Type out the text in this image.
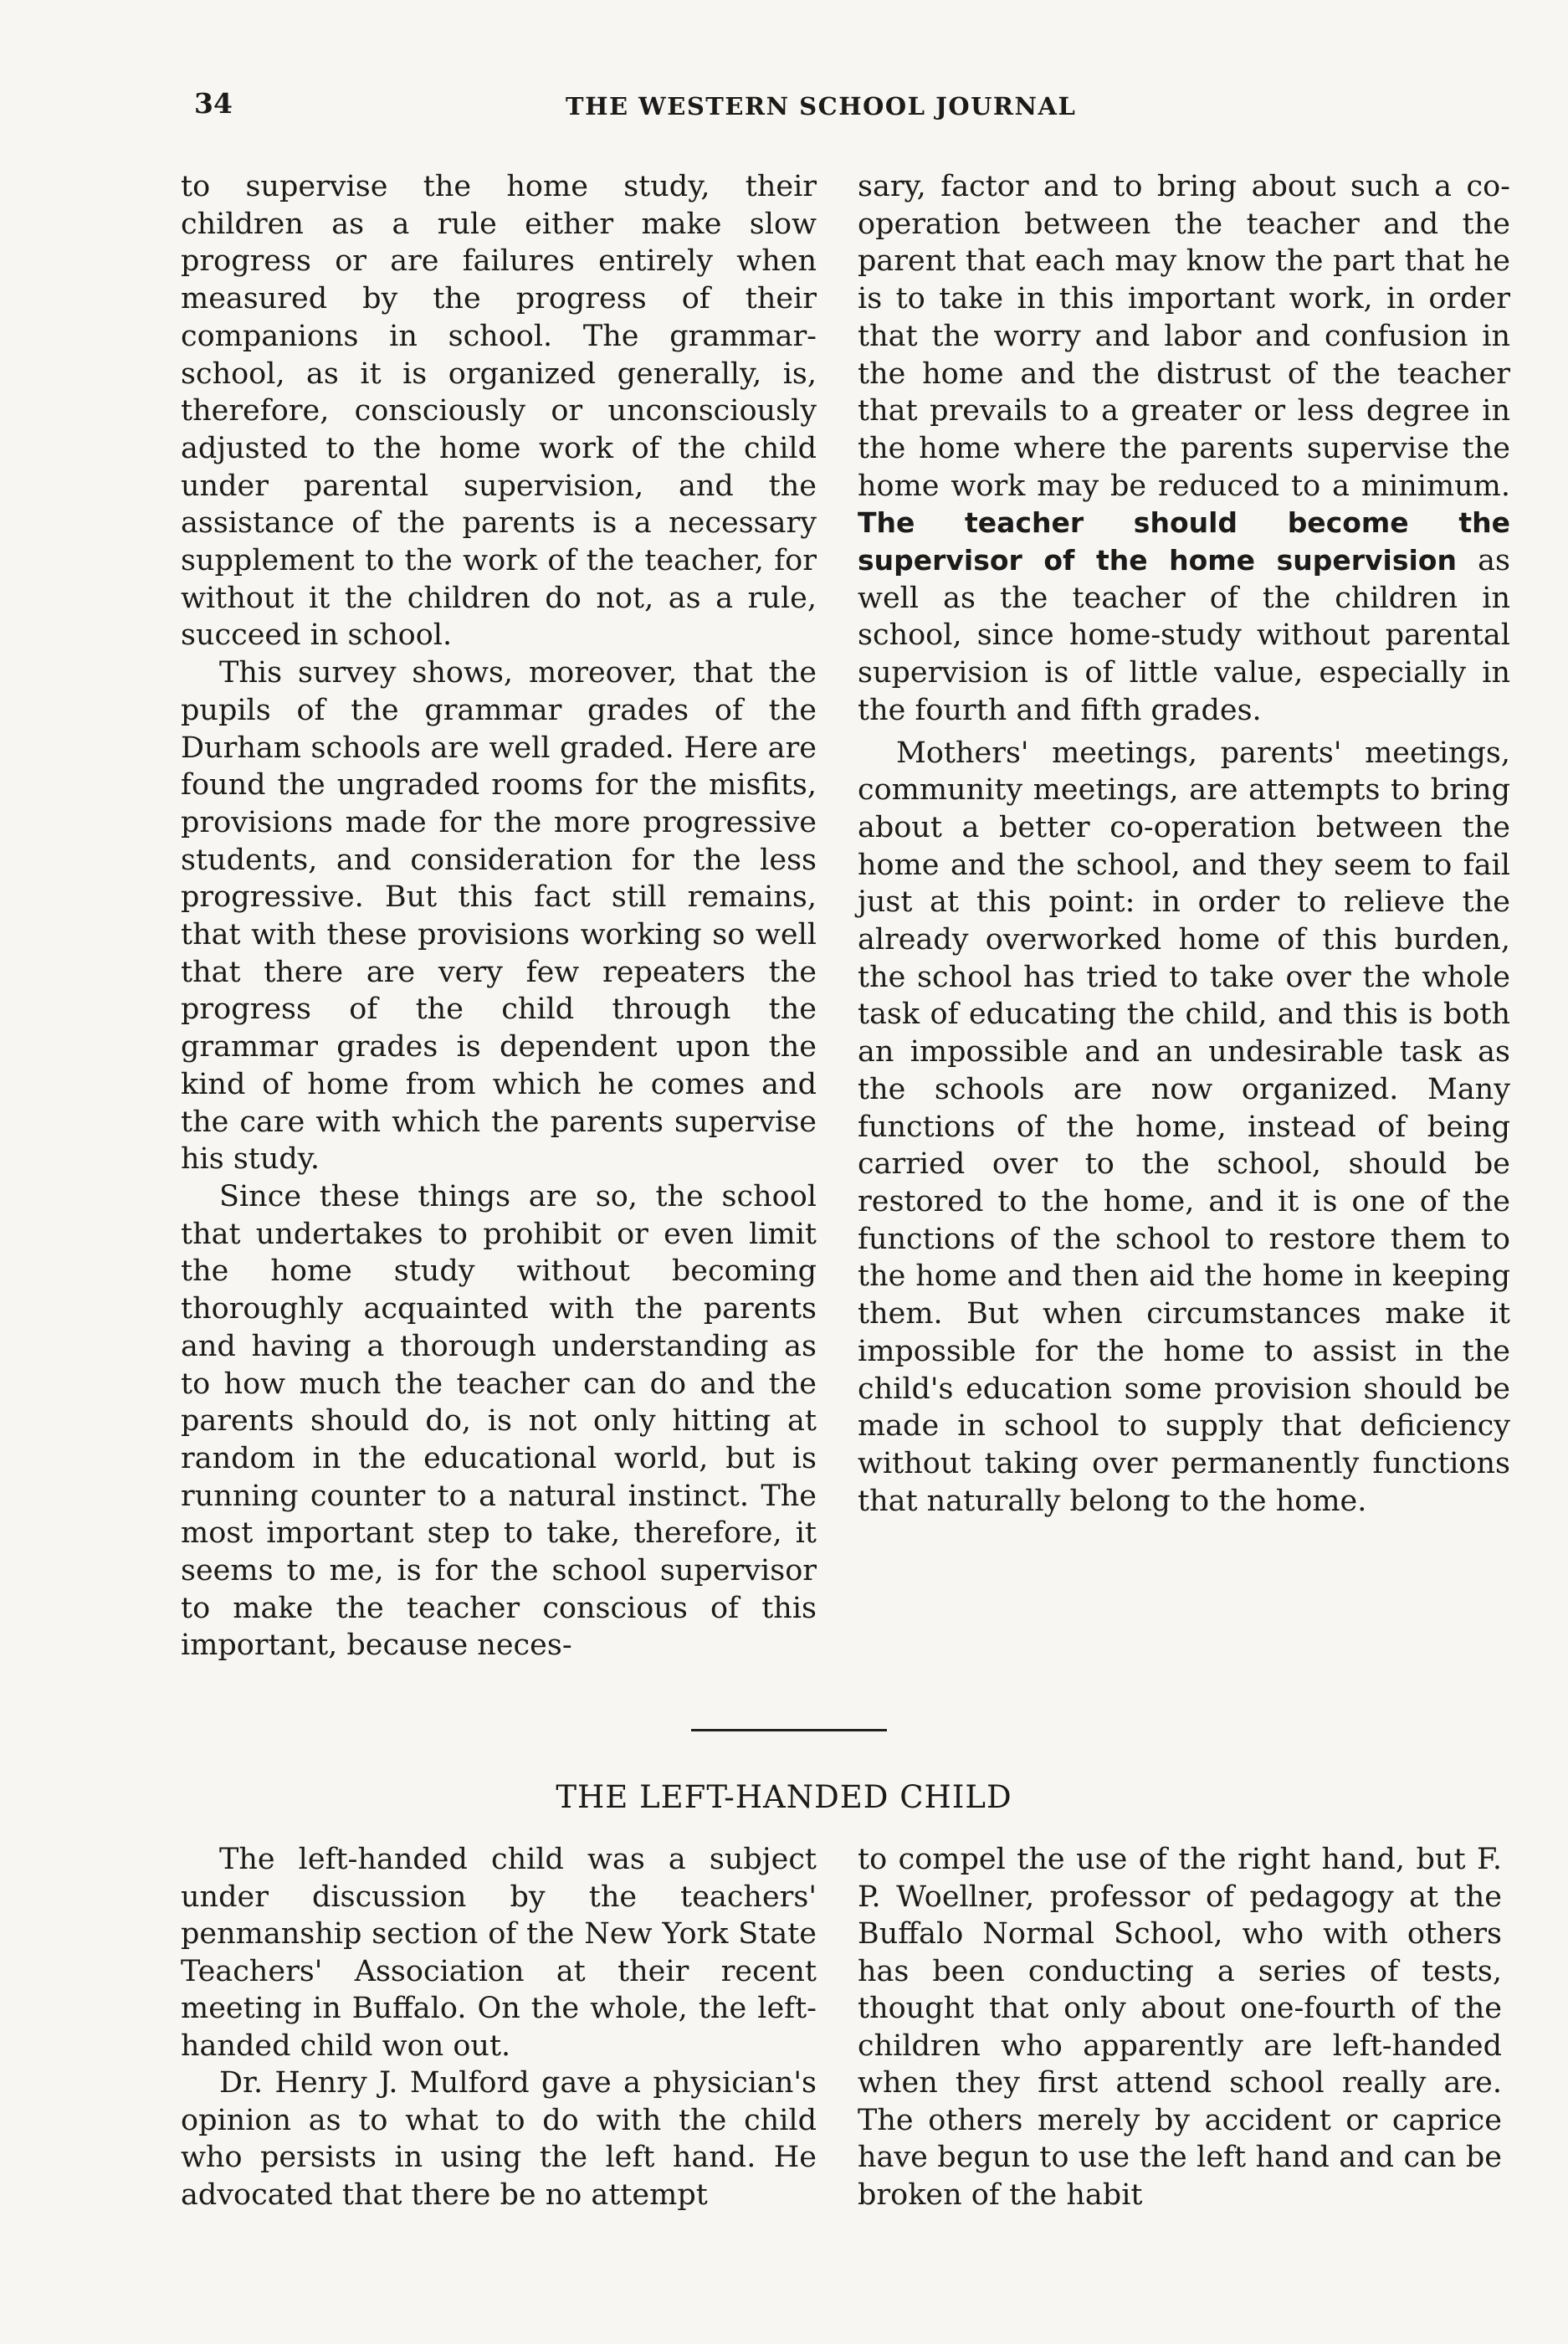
34	THE WESTERN SCHOOL JOURNAL

to supervise the home study, their children as a rule either make slow progress or are failures entirely when measured by the progress of their companions in school. The grammar-school, as it is organized generally, is, therefore, consciously or unconsciously adjusted to the home work of the child under parental supervision, and the assistance of the parents is a necessary supplement to the work of the teacher, for without it the children do not, as a rule, succeed in school.

This survey shows, moreover, that the pupils of the grammar grades of the Durham schools are well graded. Here are found the ungraded rooms for the misfits, provisions made for the more progressive students, and consideration for the less progressive. But this fact still remains, that with these provisions working so well that there are very few repeaters the progress of the child through the grammar grades is dependent upon the kind of home from which he comes and the care with which the parents supervise his study.

Since these things are so, the school that undertakes to prohibit or even limit the home study without becoming thoroughly acquainted with the parents and having a thorough understanding as to how much the teacher can do and the parents should do, is not only hitting at random in the educational world, but is running counter to a natural instinct. The most important step to take, therefore, it seems to me, is for the school supervisor to make the teacher conscious of this important, because neces-

sary, factor and to bring about such a co-operation between the teacher and the parent that each may know the part that he is to take in this important work, in order that the worry and labor and confusion in the home and the distrust of the teacher that prevails to a greater or less degree in the home where the parents supervise the home work may be reduced to a minimum. The teacher should become the supervisor of the home supervision as well as the teacher of the children in school, since home-study without parental supervision is of little value, especially in the fourth and fifth grades.

Mothers' meetings, parents' meetings, community meetings, are attempts to bring about a better co-operation between the home and the school, and they seem to fail just at this point: in order to relieve the already overworked home of this burden, the school has tried to take over the whole task of educating the child, and this is both an impossible and an undesirable task as the schools are now organized. Many functions of the home, instead of being carried over to the school, should be restored to the home, and it is one of the functions of the school to restore them to the home and then aid the home in keeping them. But when circumstances make it impossible for the home to assist in the child's education some provision should be made in school to supply that deficiency without taking over permanently functions that naturally belong to the home.

THE LEFT-HANDED CHILD

The left-handed child was a subject under discussion by the teachers' penmanship section of the New York State Teachers' Association at their recent meeting in Buffalo. On the whole, the left-handed child won out.

Dr. Henry J. Mulford gave a physician's opinion as to what to do with the child who persists in using the left hand. He advocated that there be no attempt

to compel the use of the right hand, but F. P. Woellner, professor of pedagogy at the Buffalo Normal School, who with others has been conducting a series of tests, thought that only about one-fourth of the children who apparently are left-handed when they first attend school really are. The others merely by accident or caprice have begun to use the left hand and can be broken of the habit
